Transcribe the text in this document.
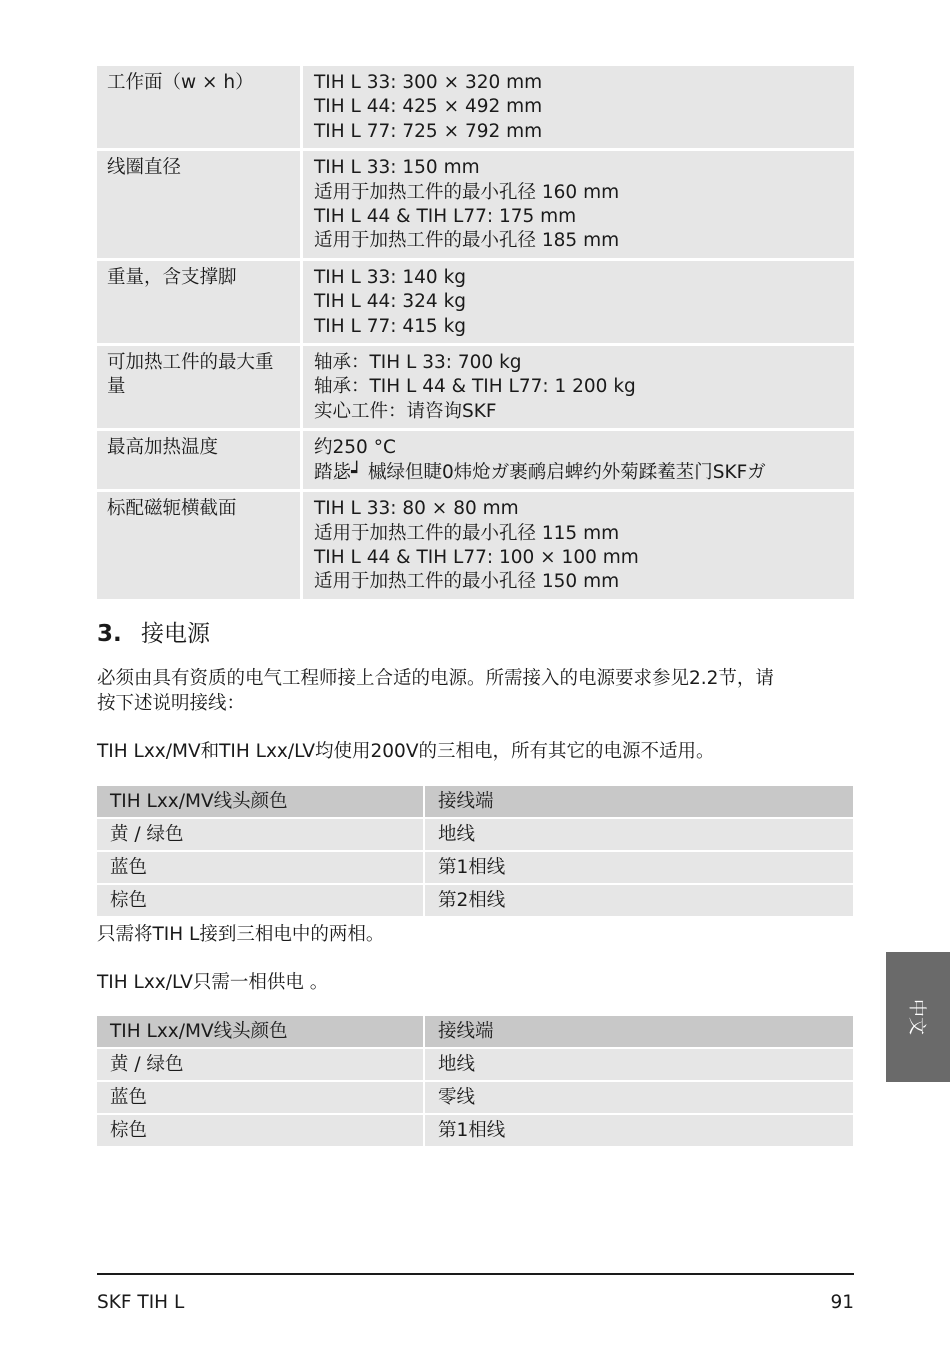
工作面（w × h）	TIH L 33: 300 × 320 mm
TIH L 44: 425 × 492 mm
TIH L 77: 725 × 792 mm

线圈直径	TIH L 33: 150 mm
适用于加热工件的最小孔径 160 mm
TIH L 44 & TIH L77: 175 mm
适用于加热工件的最小孔径 185 mm

重量，含支撑脚	TIH L 33: 140 kg
TIH L 44: 324 kg
TIH L 77: 415 kg

可加热工件的最大重量	轴承：TIH L 33: 700 kg
轴承：TIH L 44 & TIH L77: 1 200 kg
实心工件：请咨询SKF

最高加热温度	约250 °C
踏毖┙ 槭绿但睫0炜炝ガ裹鸸启蜱约外菊蹂鲝苤门SKFガ

标配磁轭横截面	TIH L 33: 80 × 80 mm
适用于加热工件的最小孔径 115 mm
TIH L 44 & TIH L77: 100 × 100 mm
适用于加热工件的最小孔径 150 mm
3. 接电源

必须由具有资质的电气工程师接上合适的电源。所需接入的电源要求参见2.2节，请
按下述说明接线：

TIH Lxx/MV和TIH Lxx/LV均使用200V的三相电，所有其它的电源不适用。

TIH Lxx/MV线头颜色	接线端
黄 / 绿色	地线
蓝色	第1相线
棕色	第2相线

只需将TIH L接到三相电中的两相。

TIH Lxx/LV只需一相供电 。

TIH Lxx/MV线头颜色	接线端
黄 / 绿色	地线
蓝色	零线
棕色	第1相线
中文
SKF TIH L	91
